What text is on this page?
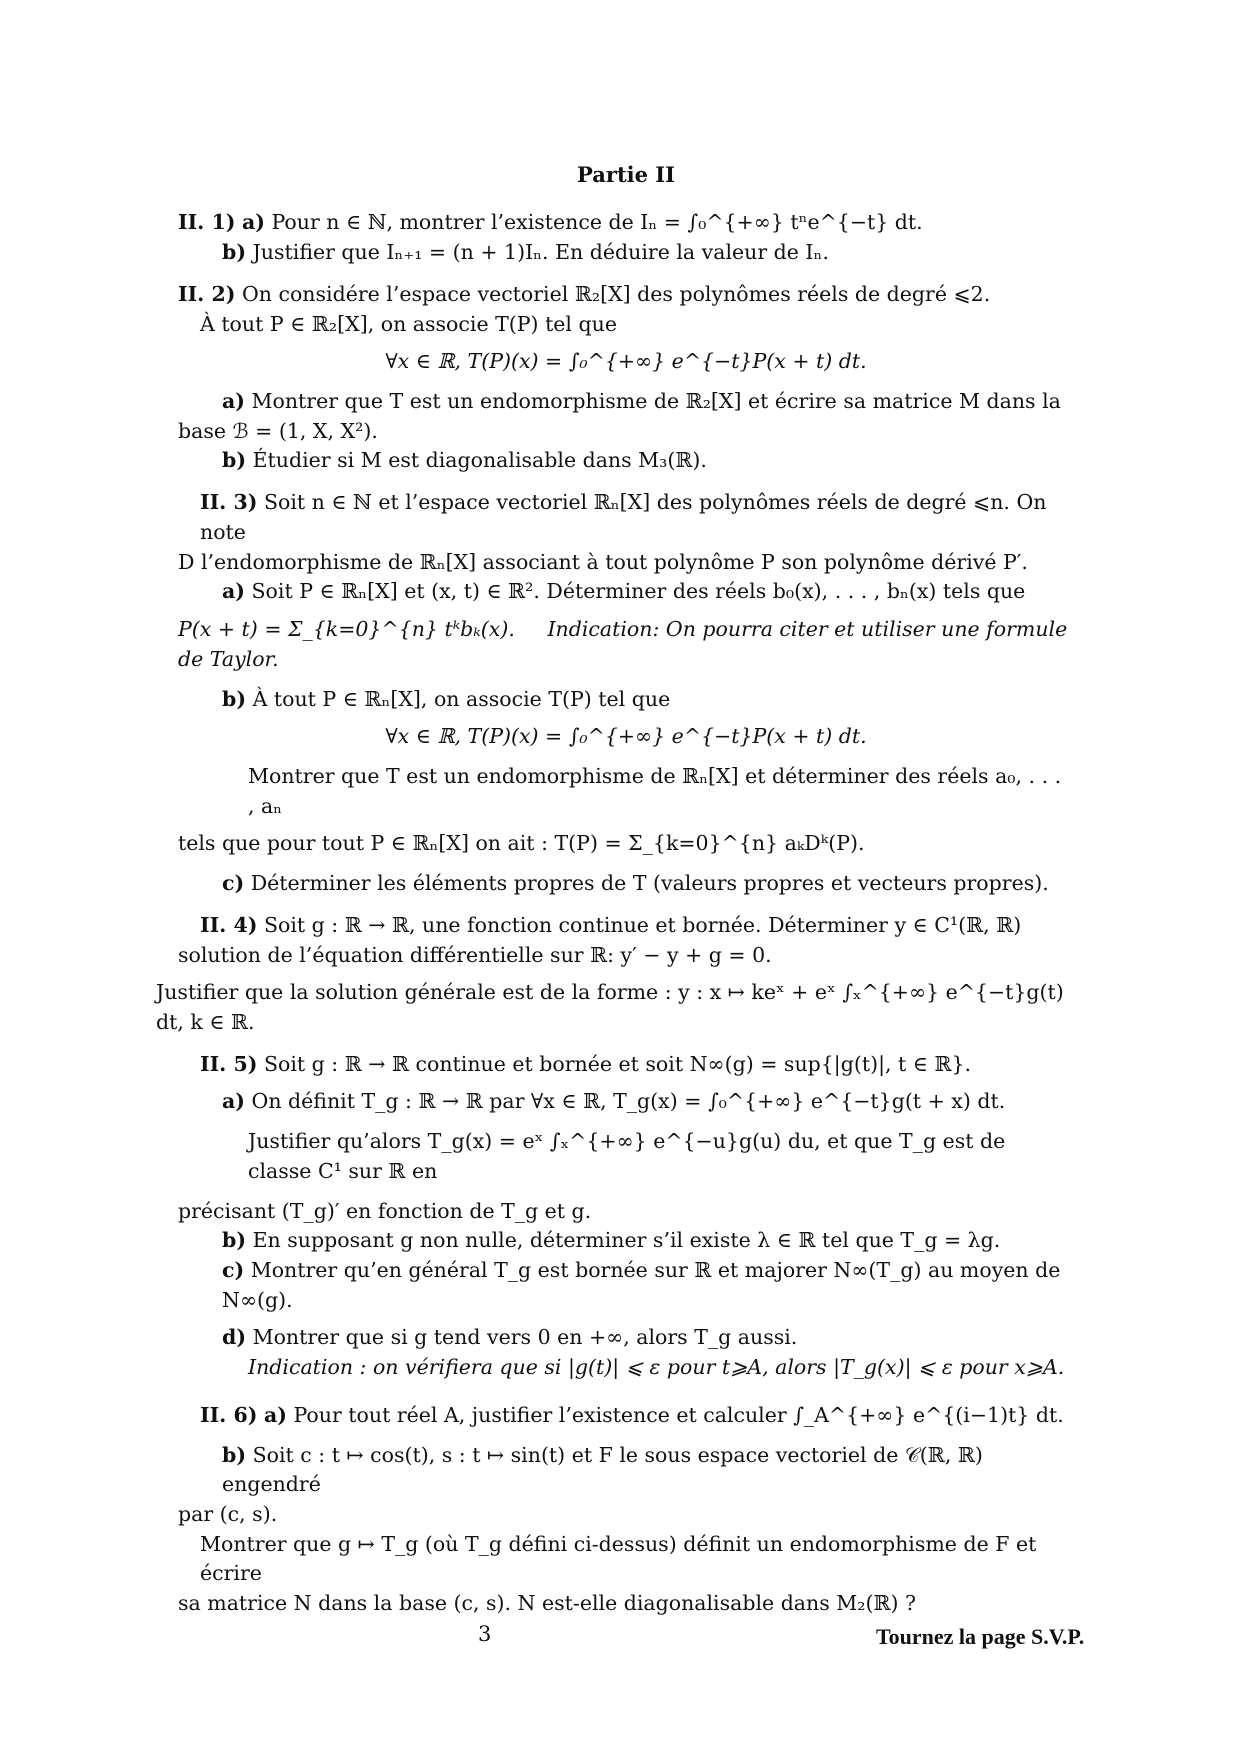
Partie II

II. 1) a) Pour n ∈ ℕ, montrer l’existence de Iₙ = ∫₀^{+∞} tⁿe^{−t} dt.

b) Justifier que Iₙ₊₁ = (n + 1)Iₙ. En déduire la valeur de Iₙ.

II. 2) On considére l’espace vectoriel ℝ₂[X] des polynômes réels de degré ⩽2.

À tout P ∈ ℝ₂[X], on associe T(P) tel que

∀x ∈ ℝ, T(P)(x) = ∫₀^{+∞} e^{−t}P(x + t) dt.

a) Montrer que T est un endomorphisme de ℝ₂[X] et écrire sa matrice M dans la

base ℬ = (1, X, X²).

b) Étudier si M est diagonalisable dans M₃(ℝ).

II. 3) Soit n ∈ ℕ et l’espace vectoriel ℝₙ[X] des polynômes réels de degré ⩽n. On note

D l’endomorphisme de ℝₙ[X] associant à tout polynôme P son polynôme dérivé P′.

a) Soit P ∈ ℝₙ[X] et (x, t) ∈ ℝ². Déterminer des réels b₀(x), . . . , bₙ(x) tels que

P(x + t) = Σ_{k=0}^{n} tᵏbₖ(x). Indication: On pourra citer et utiliser une formule de Taylor.

b) À tout P ∈ ℝₙ[X], on associe T(P) tel que

∀x ∈ ℝ, T(P)(x) = ∫₀^{+∞} e^{−t}P(x + t) dt.

Montrer que T est un endomorphisme de ℝₙ[X] et déterminer des réels a₀, . . . , aₙ

tels que pour tout P ∈ ℝₙ[X] on ait : T(P) = Σ_{k=0}^{n} aₖDᵏ(P).

c) Déterminer les éléments propres de T (valeurs propres et vecteurs propres).

II. 4) Soit g : ℝ → ℝ, une fonction continue et bornée. Déterminer y ∈ C¹(ℝ, ℝ)

solution de l’équation différentielle sur ℝ: y′ − y + g = 0.

Justifier que la solution générale est de la forme : y : x ↦ keˣ + eˣ ∫ₓ^{+∞} e^{−t}g(t) dt, k ∈ ℝ.

II. 5) Soit g : ℝ → ℝ continue et bornée et soit N∞(g) = sup{|g(t)|, t ∈ ℝ}.

a) On définit T_g : ℝ → ℝ par ∀x ∈ ℝ, T_g(x) = ∫₀^{+∞} e^{−t}g(t + x) dt.

Justifier qu’alors T_g(x) = eˣ ∫ₓ^{+∞} e^{−u}g(u) du, et que T_g est de classe C¹ sur ℝ en

précisant (T_g)′ en fonction de T_g et g.

b) En supposant g non nulle, déterminer s’il existe λ ∈ ℝ tel que T_g = λg.

c) Montrer qu’en général T_g est bornée sur ℝ et majorer N∞(T_g) au moyen de N∞(g).

d) Montrer que si g tend vers 0 en +∞, alors T_g aussi.

Indication : on vérifiera que si |g(t)| ⩽ ε pour t⩾A, alors |T_g(x)| ⩽ ε pour x⩾A.

II. 6) a) Pour tout réel A, justifier l’existence et calculer ∫_A^{+∞} e^{(i−1)t} dt.

b) Soit c : t ↦ cos(t), s : t ↦ sin(t) et F le sous espace vectoriel de 𝒞(ℝ, ℝ) engendré

par (c, s).

Montrer que g ↦ T_g (où T_g défini ci-dessus) définit un endomorphisme de F et écrire

sa matrice N dans la base (c, s). N est-elle diagonalisable dans M₂(ℝ) ?

3	Tournez la page S.V.P.
